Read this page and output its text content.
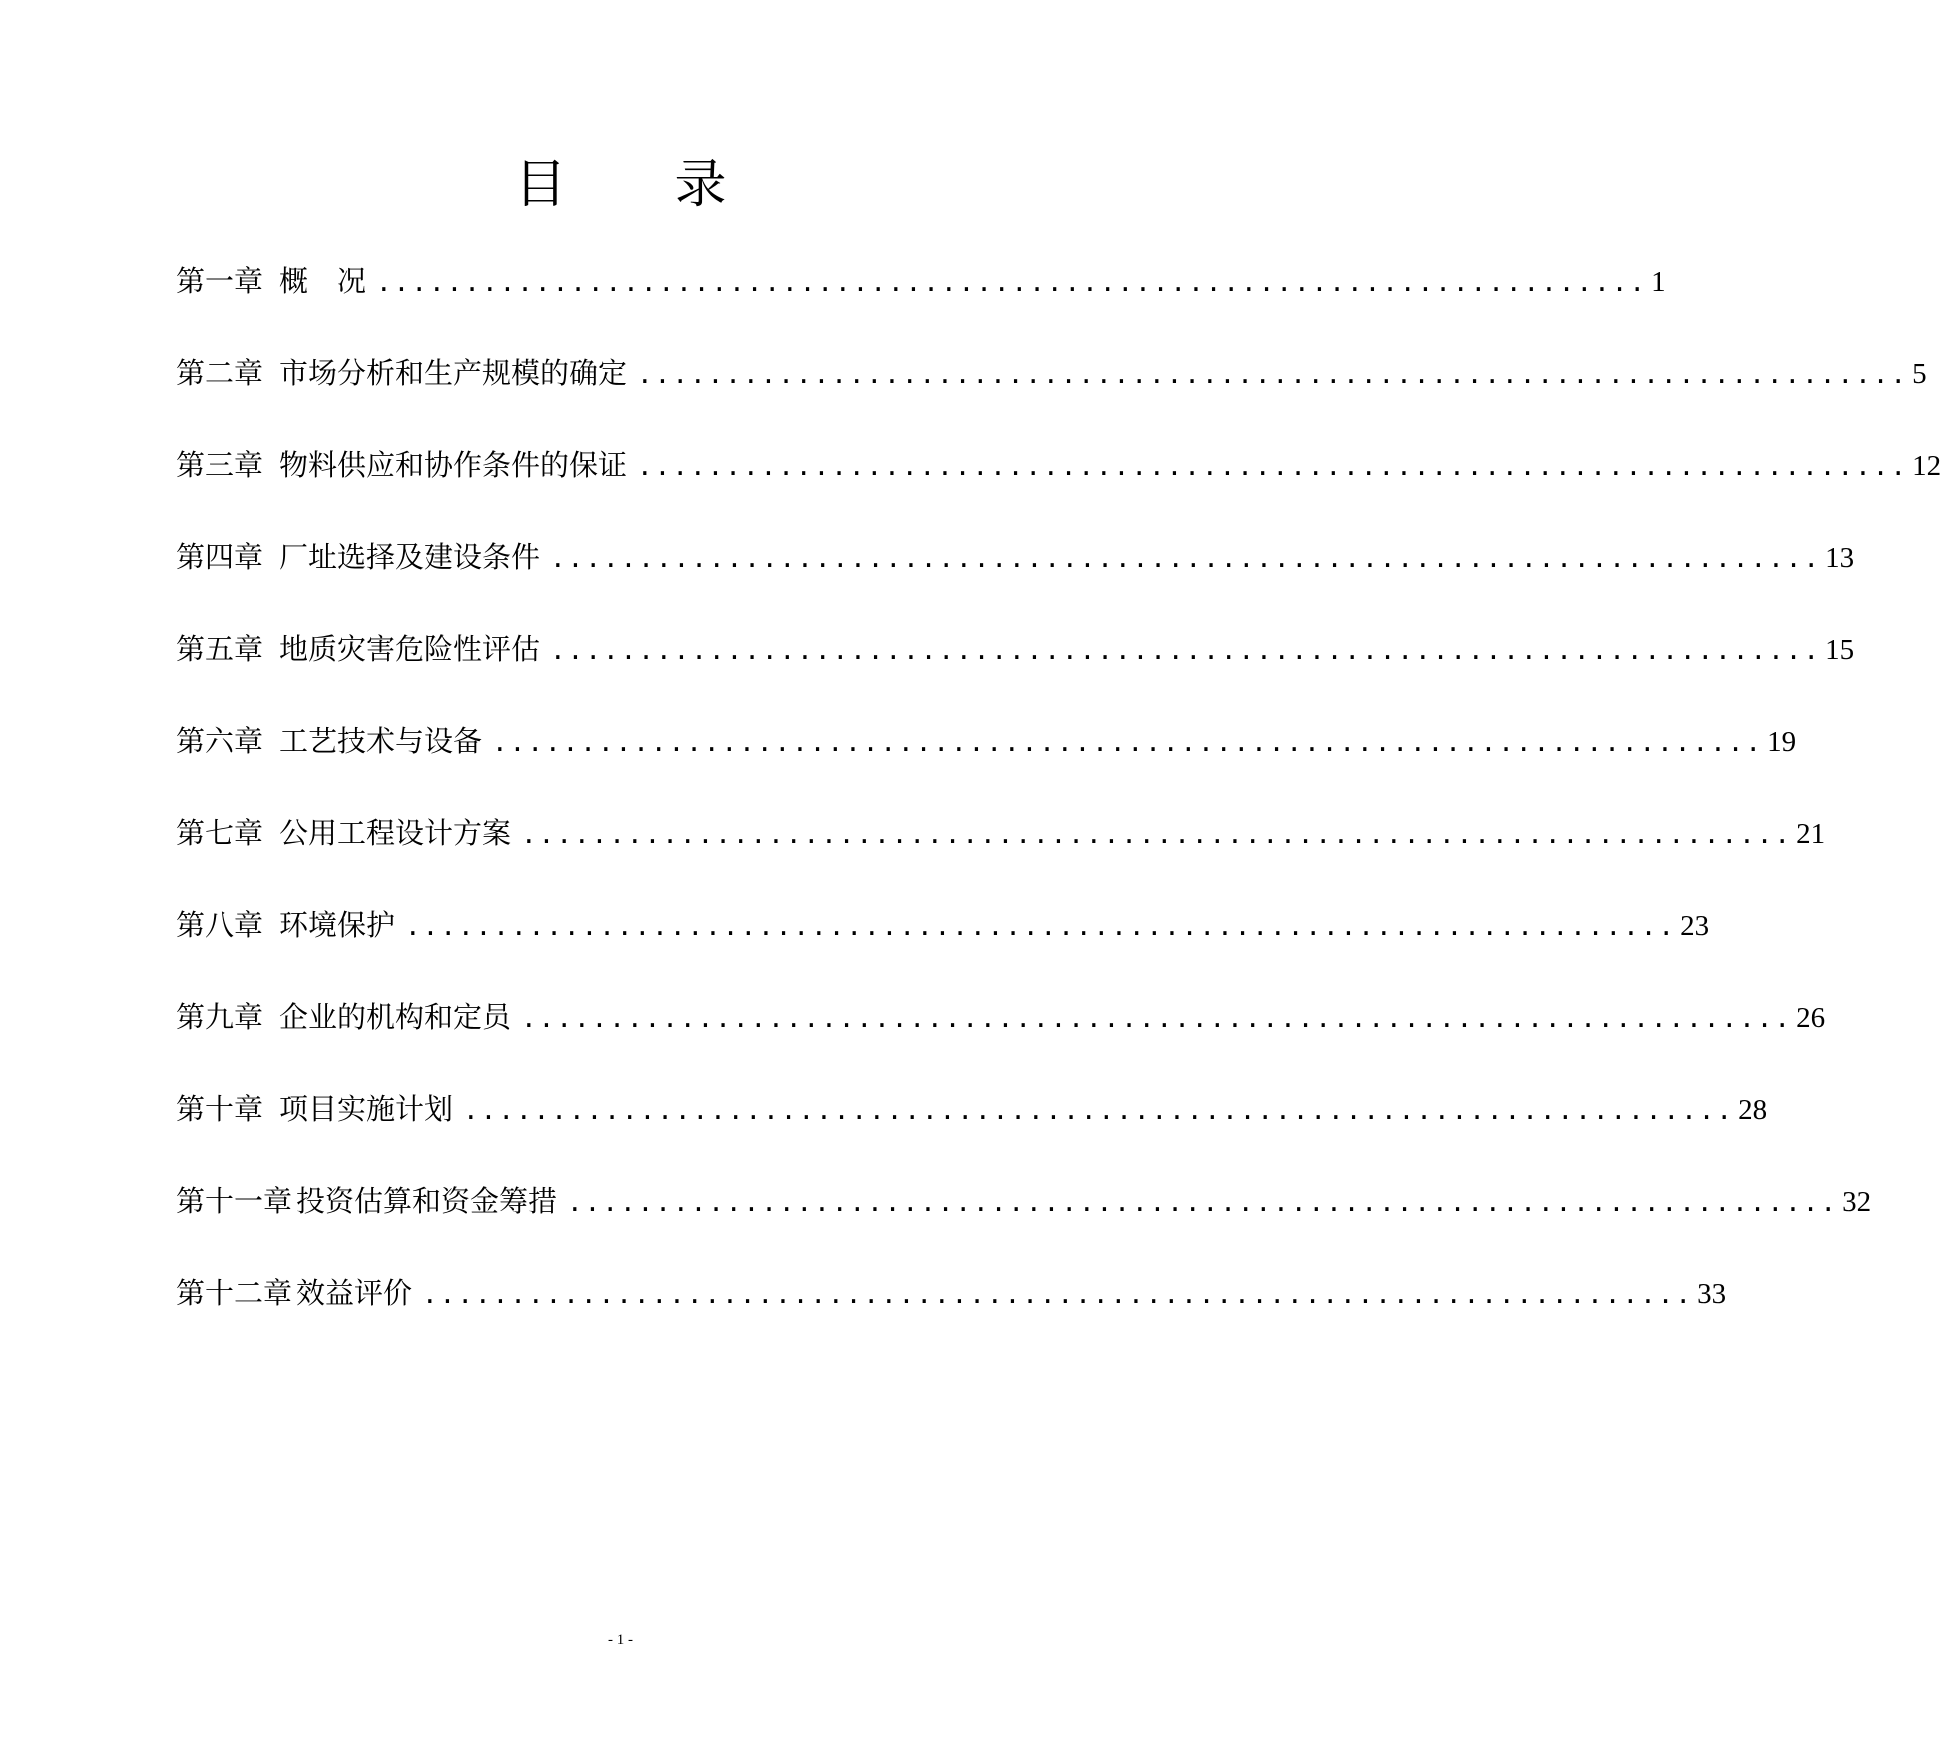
目 录
第一章 概　况 ........................................................................ 1
第二章 市场分析和生产规模的确定 ........................................................................ 5
第三章 物料供应和协作条件的保证 ........................................................................ 12
第四章 厂址选择及建设条件 ........................................................................ 13
第五章 地质灾害危险性评估 ........................................................................ 15
第六章 工艺技术与设备 ........................................................................ 19
第七章 公用工程设计方案 ........................................................................ 21
第八章 环境保护 ........................................................................ 23
第九章 企业的机构和定员 ........................................................................ 26
第十章 项目实施计划 ........................................................................ 28
第十一章 投资估算和资金筹措 ........................................................................ 32
第十二章 效益评价 ........................................................................ 33
- 1 -
